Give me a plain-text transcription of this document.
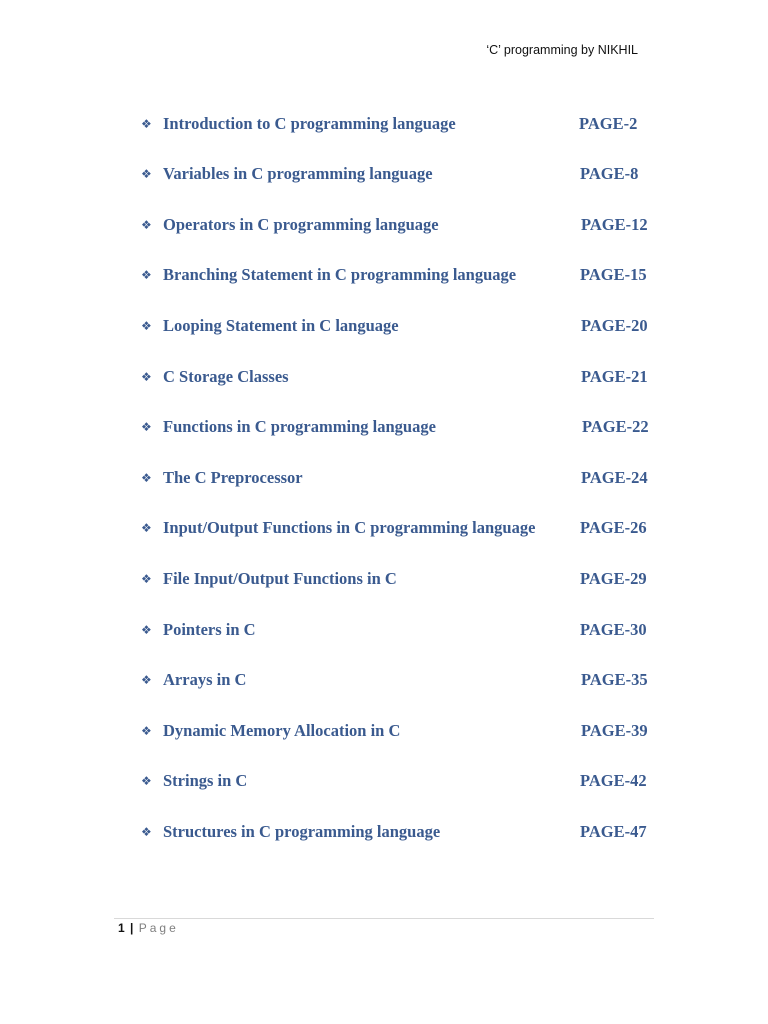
‘C’ programming by NIKHIL
❖ Introduction to C programming language	PAGE-2
❖ Variables in C programming language	PAGE-8
❖ Operators in C programming language	PAGE-12
❖ Branching Statement in C programming language	PAGE-15
❖ Looping Statement in C language	PAGE-20
❖ C Storage Classes	PAGE-21
❖ Functions in C programming language	PAGE-22
❖ The C Preprocessor	PAGE-24
❖ Input/Output Functions in C programming language	PAGE-26
❖ File Input/Output Functions in C	PAGE-29
❖ Pointers in C	PAGE-30
❖ Arrays in C	PAGE-35
❖ Dynamic Memory Allocation in C	PAGE-39
❖ Strings in C	PAGE-42
❖ Structures in C programming language	PAGE-47
1 | Page
